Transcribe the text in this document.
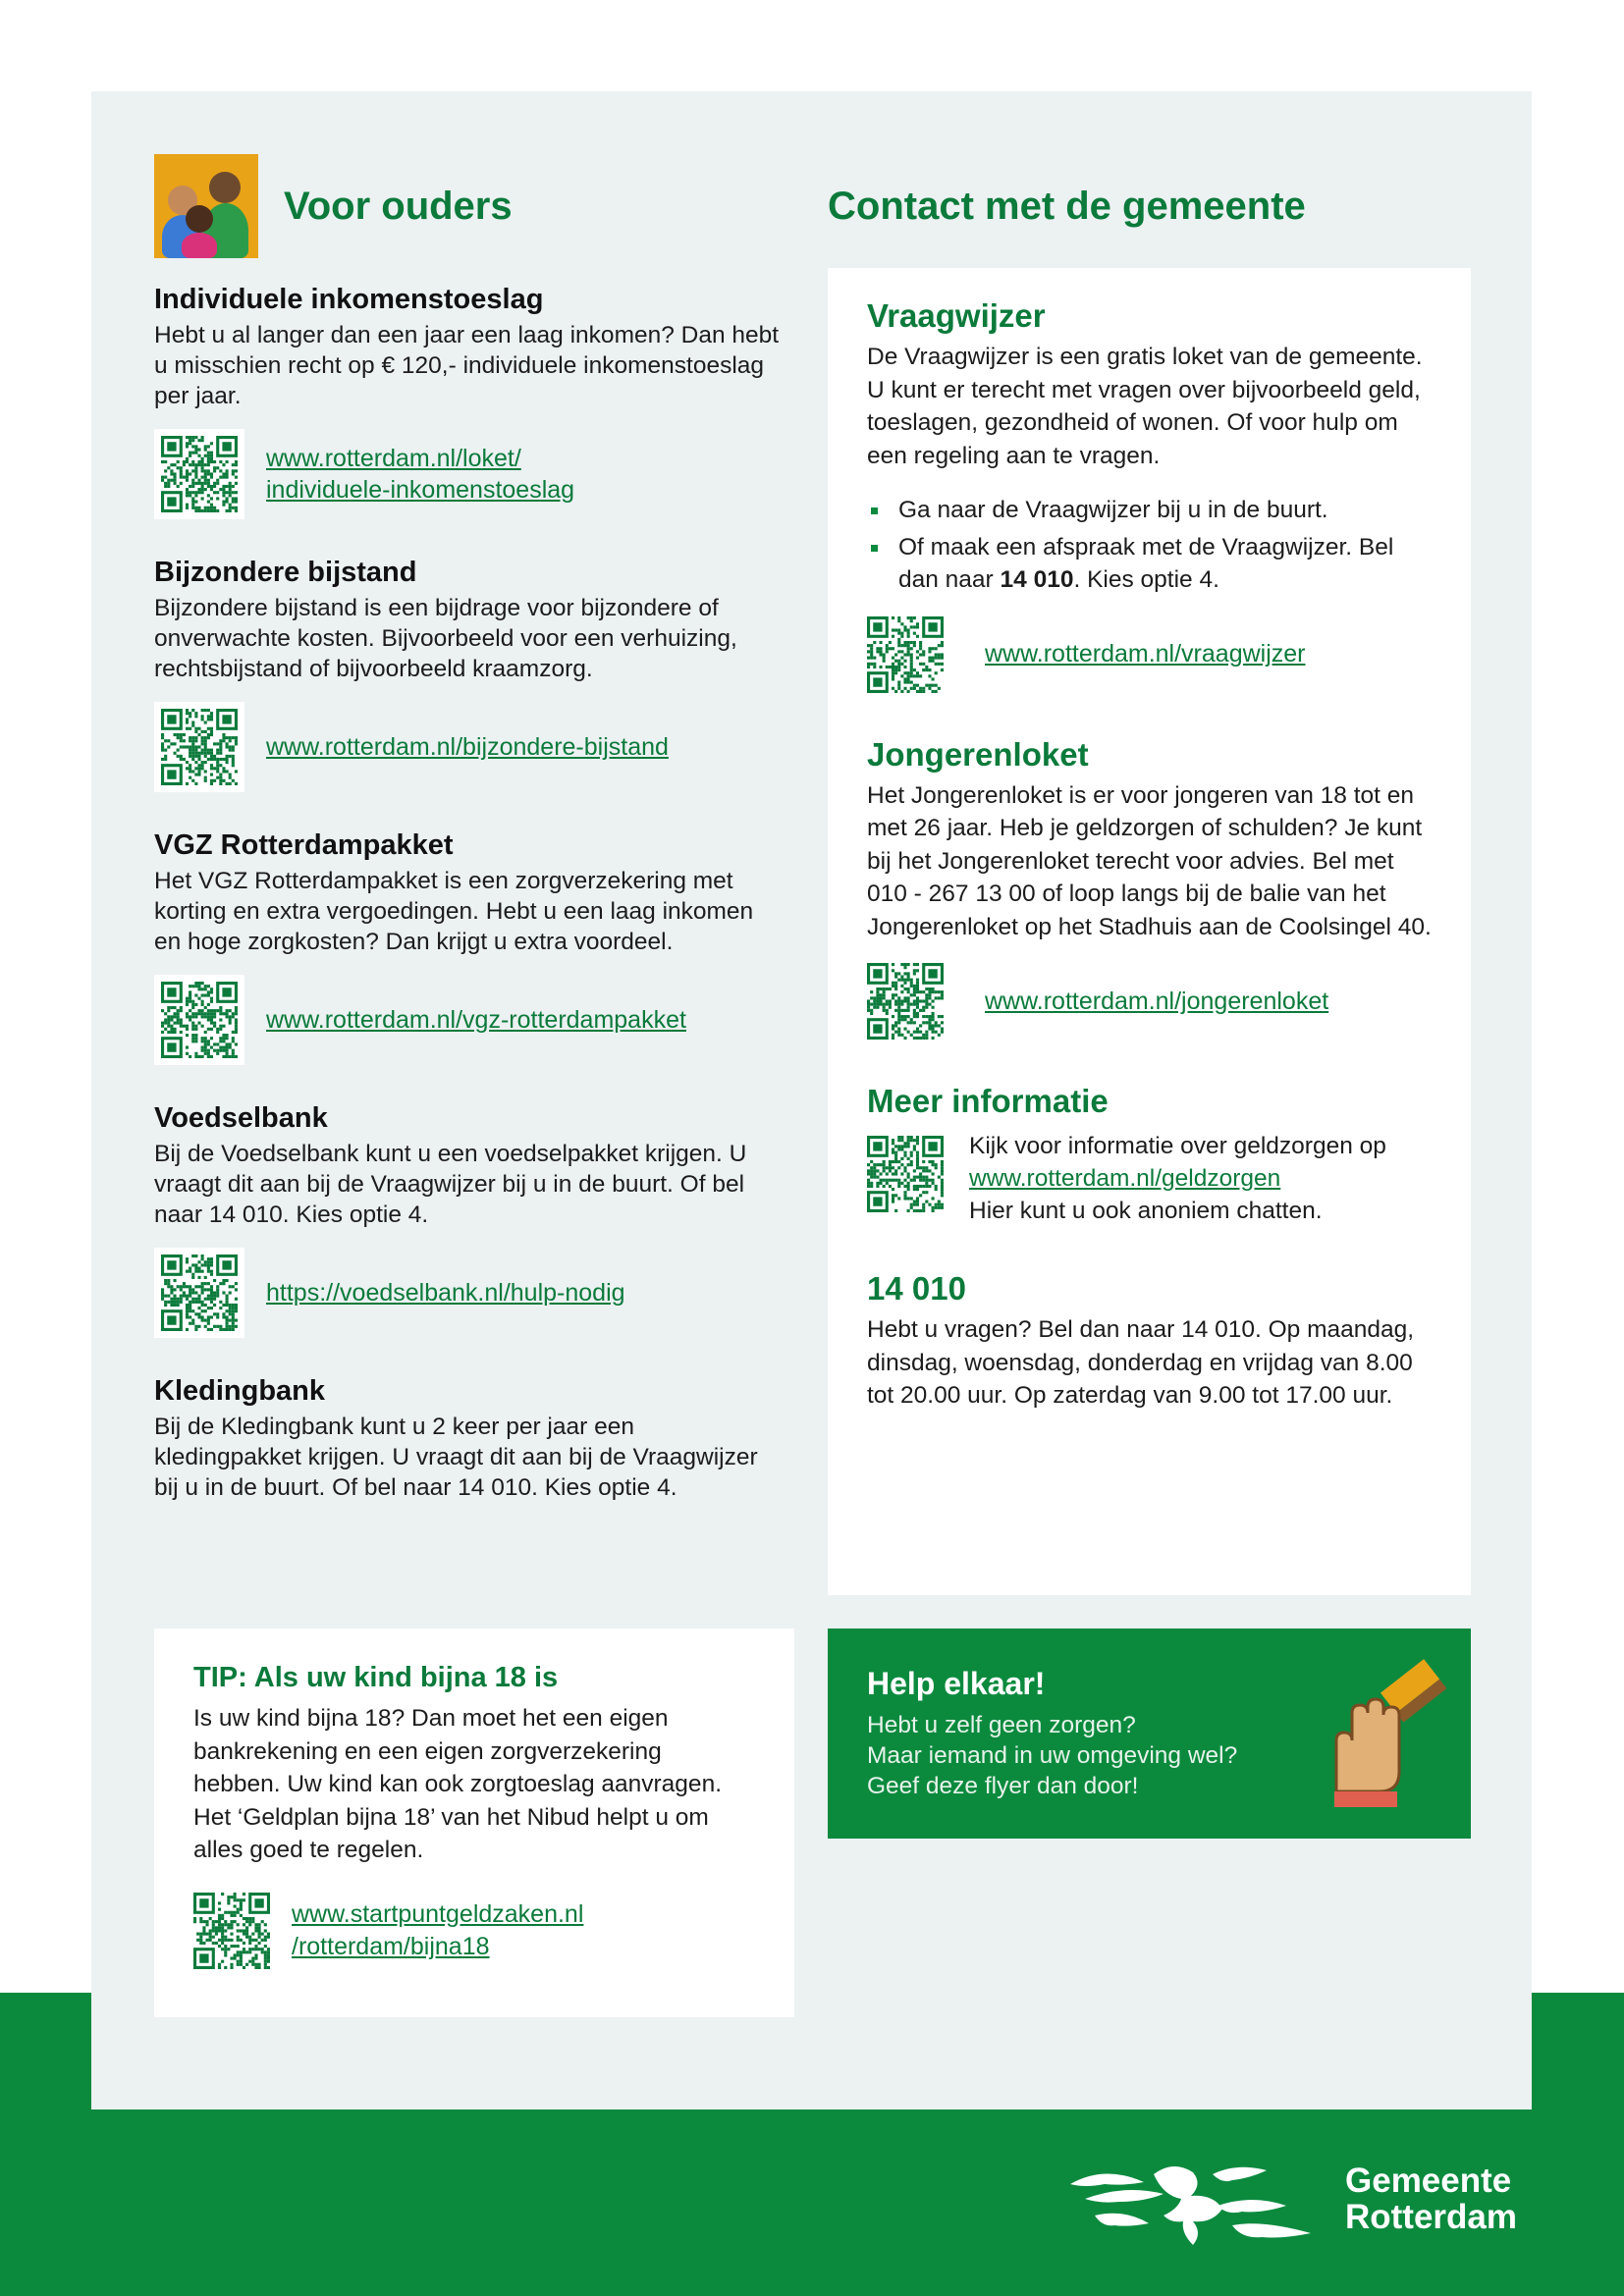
Voor ouders
Individuele inkomenstoeslag

Hebt u al langer dan een jaar een laag inkomen? Dan hebt u misschien recht op € 120,- individuele inkomenstoeslag per jaar.

www.rotterdam.nl/loket/
individuele-inkomenstoeslag
Bijzondere bijstand

Bijzondere bijstand is een bijdrage voor bijzondere of onverwachte kosten. Bijvoorbeeld voor een verhuizing, rechtsbijstand of bijvoorbeeld kraamzorg.

www.rotterdam.nl/bijzondere-bijstand
VGZ Rotterdampakket

Het VGZ Rotterdampakket is een zorgverzekering met korting en extra vergoedingen. Hebt u een laag inkomen en hoge zorgkosten? Dan krijgt u extra voordeel.

www.rotterdam.nl/vgz-rotterdampakket
Voedselbank

Bij de Voedselbank kunt u een voedselpakket krijgen. U vraagt dit aan bij de Vraagwijzer bij u in de buurt. Of bel naar 14 010. Kies optie 4.

https://voedselbank.nl/hulp-nodig
Kledingbank

Bij de Kledingbank kunt u 2 keer per jaar een kledingpakket krijgen. U vraagt dit aan bij de Vraagwijzer bij u in de buurt. Of bel naar 14 010. Kies optie 4.

Contact met de gemeente
Vraagwijzer

De Vraagwijzer is een gratis loket van de gemeente. U kunt er terecht met vragen over bijvoorbeeld geld, toeslagen, gezondheid of wonen. Of voor hulp om een regeling aan te vragen.

Ga naar de Vraagwijzer bij u in de buurt.
Of maak een afspraak met de Vraagwijzer. Bel dan naar 14 010. Kies optie 4.
www.rotterdam.nl/vraagwijzer
Jongerenloket

Het Jongerenloket is er voor jongeren van 18 tot en met 26 jaar. Heb je geldzorgen of schulden? Je kunt bij het Jongerenloket terecht voor advies. Bel met 010 - 267 13 00 of loop langs bij de balie van het Jongerenloket op het Stadhuis aan de Coolsingel 40.

www.rotterdam.nl/jongerenloket
Meer informatie
Kijk voor informatie over geldzorgen op
www.rotterdam.nl/geldzorgen
Hier kunt u ook anoniem chatten.
14 010

Hebt u vragen? Bel dan naar 14 010. Op maandag, dinsdag, woensdag, donderdag en vrijdag van 8.00 tot 20.00 uur. Op zaterdag van 9.00 tot 17.00 uur.

TIP: Als uw kind bijna 18 is

Is uw kind bijna 18? Dan moet het een eigen bankrekening en een eigen zorgverzekering hebben. Uw kind kan ook zorgtoeslag aanvragen. Het ‘Geldplan bijna 18’ van het Nibud helpt u om alles goed te regelen.

www.startpuntgeldzaken.nl
/rotterdam/bijna18
Help elkaar!

Hebt u zelf geen zorgen?
Maar iemand in uw omgeving wel?
Geef deze flyer dan door!

Gemeente
Rotterdam
